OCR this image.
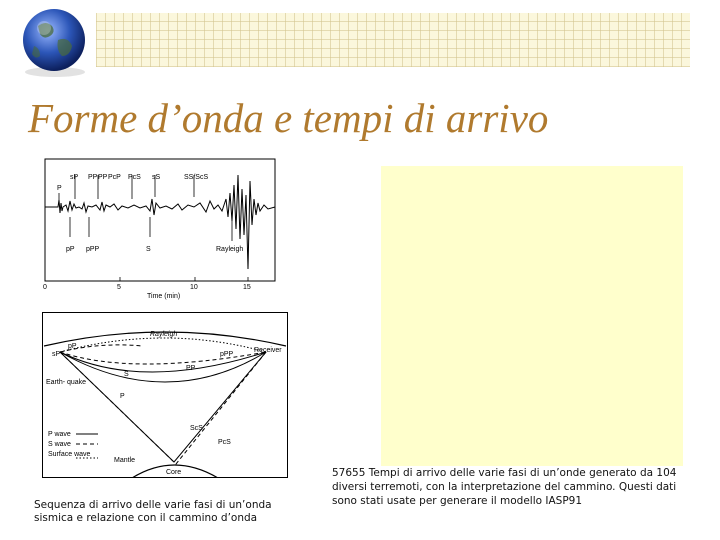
Forme d’onda e tempi di arrivo
P
sP PP PP PcP PcS sS	SS/ScS
pP pPP	S	Rayleigh
0	5	10	15
Time (min)
Rayleigh
sP
pP
pPP
Receiver
Earth- quake
S
P
PP
ScS
PcS
Mantle
Core
P wave
S wave
Surface wave
Sequenza di arrivo delle varie fasi di un’onda sismica e relazione con il cammino d’onda
57655 Tempi di arrivo delle varie fasi di un’onde generato da 104 diversi terremoti, con la interpretazione del cammino. Questi dati sono stati usate per generare il modello IASP91
